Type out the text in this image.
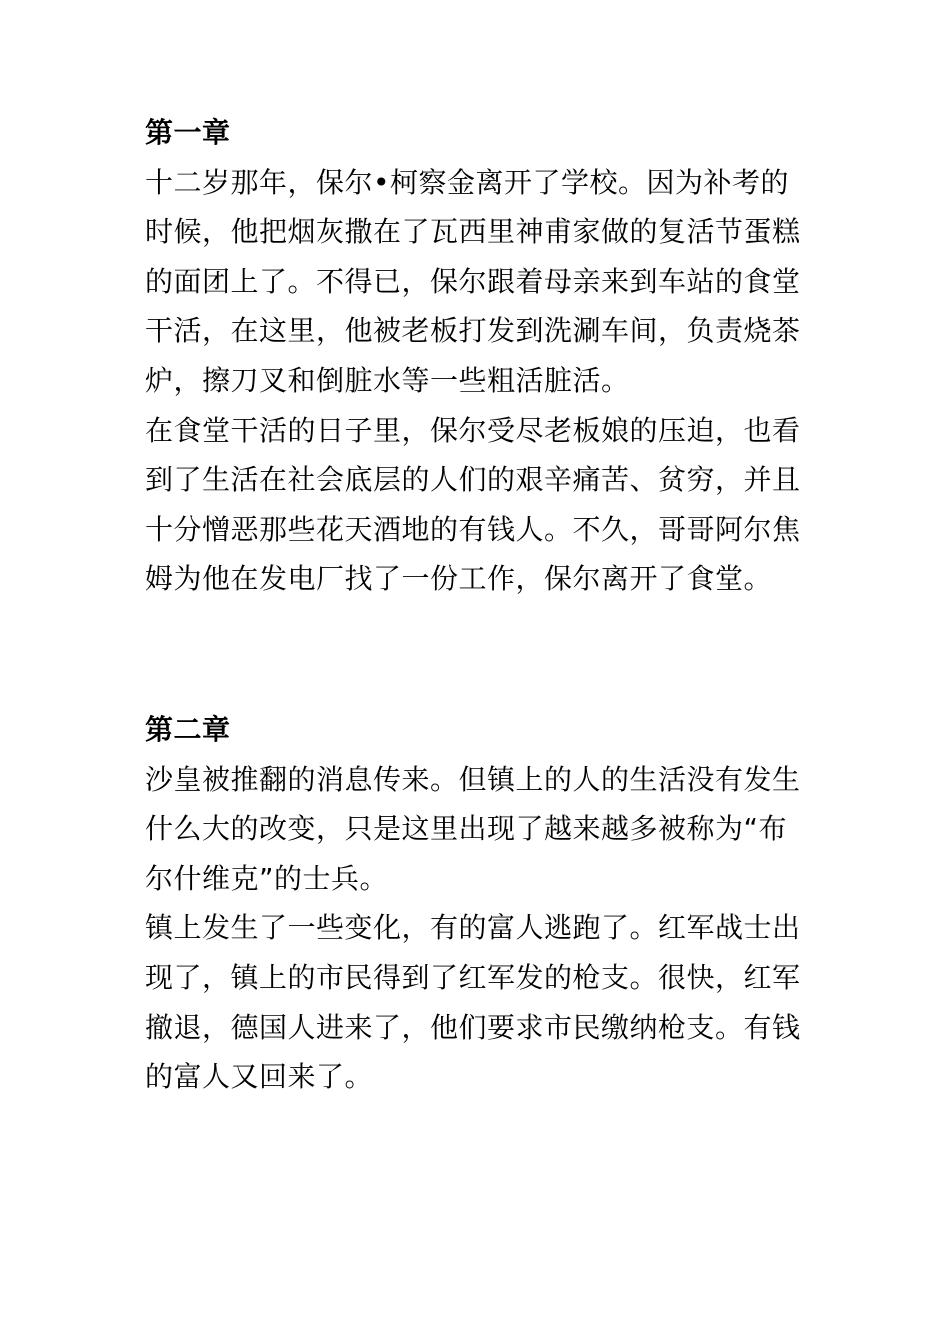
第一章

十二岁那年，保尔•柯察金离开了学校。因为补考的时候，他把烟灰撒在了瓦西里神甫家做的复活节蛋糕的面团上了。不得已，保尔跟着母亲来到车站的食堂干活，在这里，他被老板打发到洗涮车间，负责烧茶炉，擦刀叉和倒脏水等一些粗活脏活。

在食堂干活的日子里，保尔受尽老板娘的压迫，也看到了生活在社会底层的人们的艰辛痛苦、贫穷，并且十分憎恶那些花天酒地的有钱人。不久，哥哥阿尔焦姆为他在发电厂找了一份工作，保尔离开了食堂。

第二章

沙皇被推翻的消息传来。但镇上的人的生活没有发生什么大的改变，只是这里出现了越来越多被称为“布尔什维克”的士兵。

镇上发生了一些变化，有的富人逃跑了。红军战士出现了，镇上的市民得到了红军发的枪支。很快，红军撤退，德国人进来了，他们要求市民缴纳枪支。有钱的富人又回来了。
